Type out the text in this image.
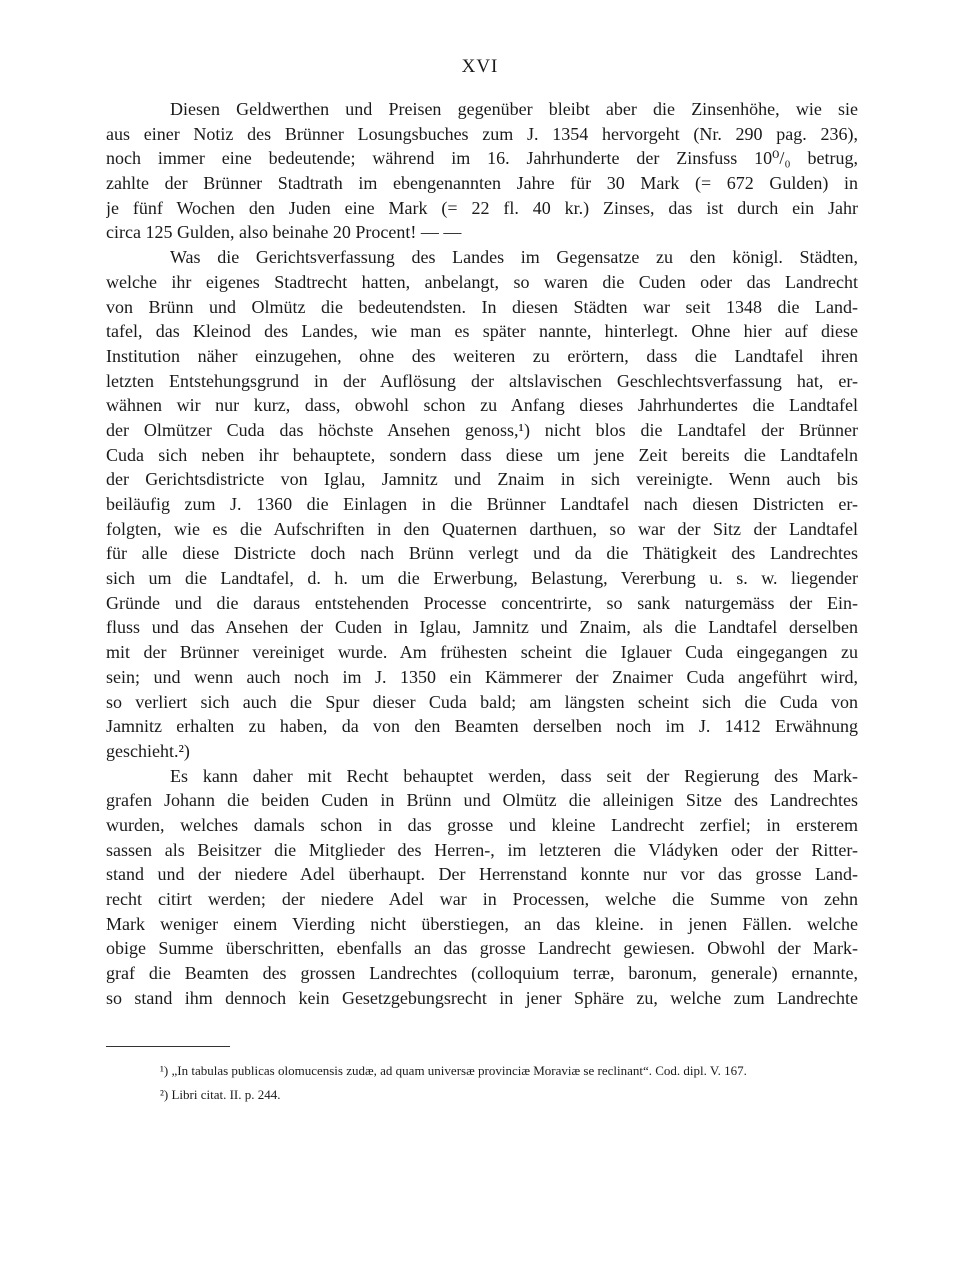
XVI
Diesen Geldwerthen und Preisen gegenüber bleibt aber die Zinsenhöhe, wie sie
aus einer Notiz des Brünner Losungsbuches zum J. 1354 hervorgeht (Nr. 290 pag. 236),
noch immer eine bedeutende; während im 16. Jahrhunderte der Zinsfuss 10⁰/₀ betrug,
zahlte der Brünner Stadtrath im ebengenannten Jahre für 30 Mark (= 672 Gulden) in
je fünf Wochen den Juden eine Mark (= 22 fl. 40 kr.) Zinses, das ist durch ein Jahr
circa 125 Gulden, also beinahe 20 Procent! — —
Was die Gerichtsverfassung des Landes im Gegensatze zu den königl. Städten,
welche ihr eigenes Stadtrecht hatten, anbelangt, so waren die Cuden oder das Landrecht
von Brünn und Olmütz die bedeutendsten. In diesen Städten war seit 1348 die Land-
tafel, das Kleinod des Landes, wie man es später nannte, hinterlegt. Ohne hier auf diese
Institution näher einzugehen, ohne des weiteren zu erörtern, dass die Landtafel ihren
letzten Entstehungsgrund in der Auflösung der altslavischen Geschlechtsverfassung hat, er-
wähnen wir nur kurz, dass, obwohl schon zu Anfang dieses Jahrhundertes die Landtafel
der Olmützer Cuda das höchste Ansehen genoss,¹) nicht blos die Landtafel der Brünner
Cuda sich neben ihr behauptete, sondern dass diese um jene Zeit bereits die Landtafeln
der Gerichtsdistricte von Iglau, Jamnitz und Znaim in sich vereinigte. Wenn auch bis
beiläufig zum J. 1360 die Einlagen in die Brünner Landtafel nach diesen Districten er-
folgten, wie es die Aufschriften in den Quaternen darthuen, so war der Sitz der Landtafel
für alle diese Districte doch nach Brünn verlegt und da die Thätigkeit des Landrechtes
sich um die Landtafel, d. h. um die Erwerbung, Belastung, Vererbung u. s. w. liegender
Gründe und die daraus entstehenden Processe concentrirte, so sank naturgemäss der Ein-
fluss und das Ansehen der Cuden in Iglau, Jamnitz und Znaim, als die Landtafel derselben
mit der Brünner vereiniget wurde. Am frühesten scheint die Iglauer Cuda eingegangen zu
sein; und wenn auch noch im J. 1350 ein Kämmerer der Znaimer Cuda angeführt wird,
so verliert sich auch die Spur dieser Cuda bald; am längsten scheint sich die Cuda von
Jamnitz erhalten zu haben, da von den Beamten derselben noch im J. 1412 Erwähnung
geschieht.²)
Es kann daher mit Recht behauptet werden, dass seit der Regierung des Mark-
grafen Johann die beiden Cuden in Brünn und Olmütz die alleinigen Sitze des Landrechtes
wurden, welches damals schon in das grosse und kleine Landrecht zerfiel; in ersterem
sassen als Beisitzer die Mitglieder des Herren-, im letzteren die Vládyken oder der Ritter-
stand und der niedere Adel überhaupt. Der Herrenstand konnte nur vor das grosse Land-
recht citirt werden; der niedere Adel war in Processen, welche die Summe von zehn
Mark weniger einem Vierding nicht überstiegen, an das kleine. in jenen Fällen. welche
obige Summe überschritten, ebenfalls an das grosse Landrecht gewiesen. Obwohl der Mark-
graf die Beamten des grossen Landrechtes (colloquium terræ, baronum, generale) ernannte,
so stand ihm dennoch kein Gesetzgebungsrecht in jener Sphäre zu, welche zum Landrechte
¹) „In tabulas publicas olomucensis zudæ, ad quam universæ provinciæ Moraviæ se reclinant“. Cod. dipl. V. 167.
²) Libri citat. II. p. 244.
